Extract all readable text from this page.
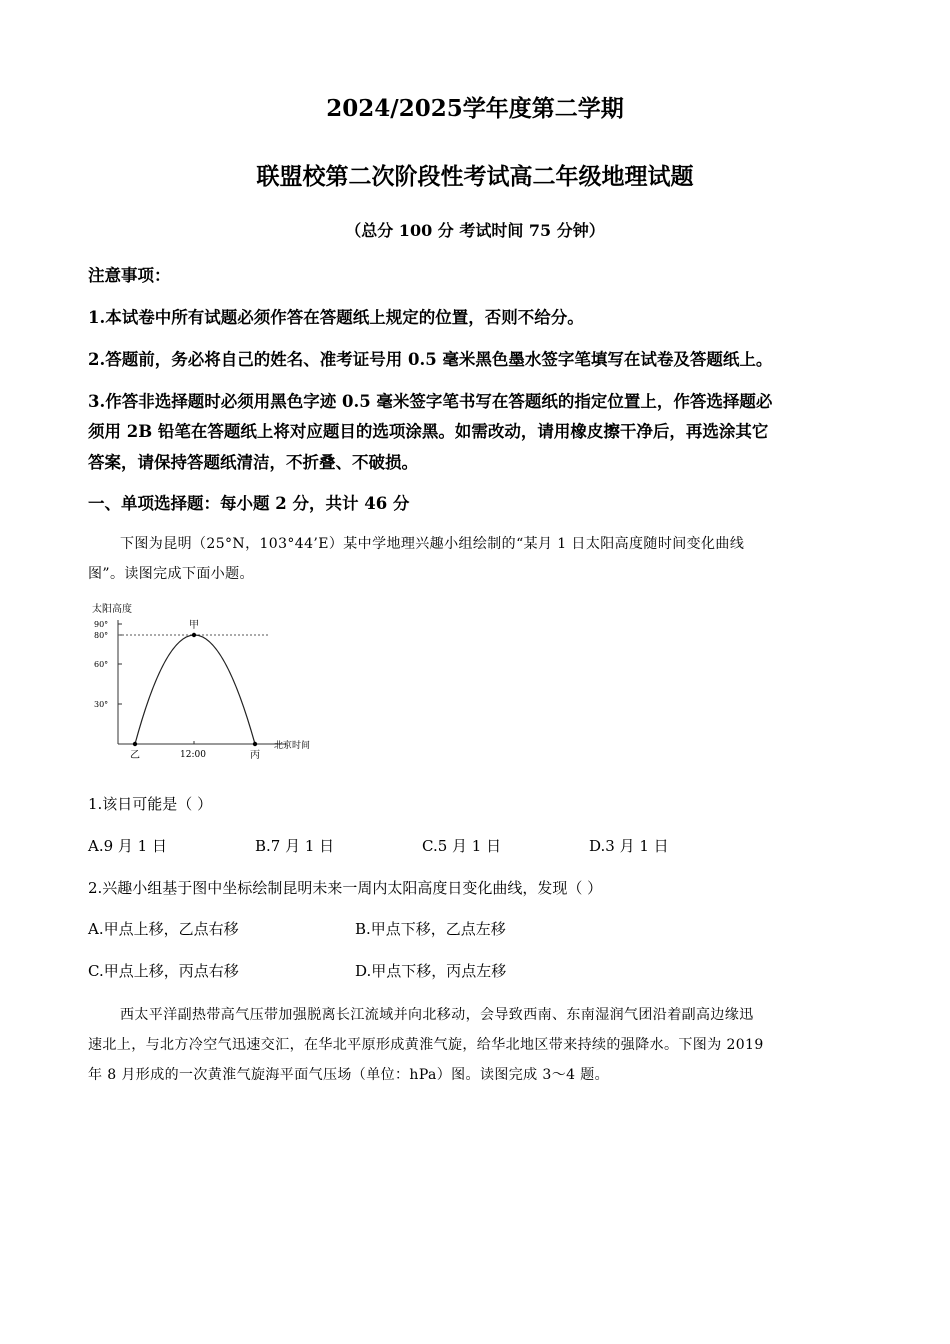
2024/2025学年度第二学期
联盟校第二次阶段性考试高二年级地理试题
（总分 100 分 考试时间 75 分钟）
注意事项：
1.本试卷中所有试题必须作答在答题纸上规定的位置，否则不给分。
2.答题前，务必将自己的姓名、准考证号用 0.5 毫米黑色墨水签字笔填写在试卷及答题纸上。
3.作答非选择题时必须用黑色字迹 0.5 毫米签字笔书写在答题纸的指定位置上，作答选择题必
须用 2B 铅笔在答题纸上将对应题目的选项涂黑。如需改动，请用橡皮擦干净后，再选涂其它
答案，请保持答题纸清洁，不折叠、不破损。
一、单项选择题：每小题 2 分，共计 46 分
下图为昆明（25°N，103°44’E）某中学地理兴趣小组绘制的“某月 1 日太阳高度随时间变化曲线
图”。读图完成下面小题。
太阳高度
90°
80°
60°
30°
甲
乙	丙
12:00
北京时间
1.该日可能是（ ）
A.9 月 1 日	B.7 月 1 日	C.5 月 1 日	D.3 月 1 日
2.兴趣小组基于图中坐标绘制昆明未来一周内太阳高度日变化曲线，发现（ ）
A.甲点上移，乙点右移	B.甲点下移，乙点左移
C.甲点上移，丙点右移	D.甲点下移，丙点左移
西太平洋副热带高气压带加强脱离长江流域并向北移动，会导致西南、东南湿润气团沿着副高边缘迅
速北上，与北方冷空气迅速交汇，在华北平原形成黄淮气旋，给华北地区带来持续的强降水。下图为 2019
年 8 月形成的一次黄淮气旋海平面气压场（单位：hPa）图。读图完成 3～4 题。
